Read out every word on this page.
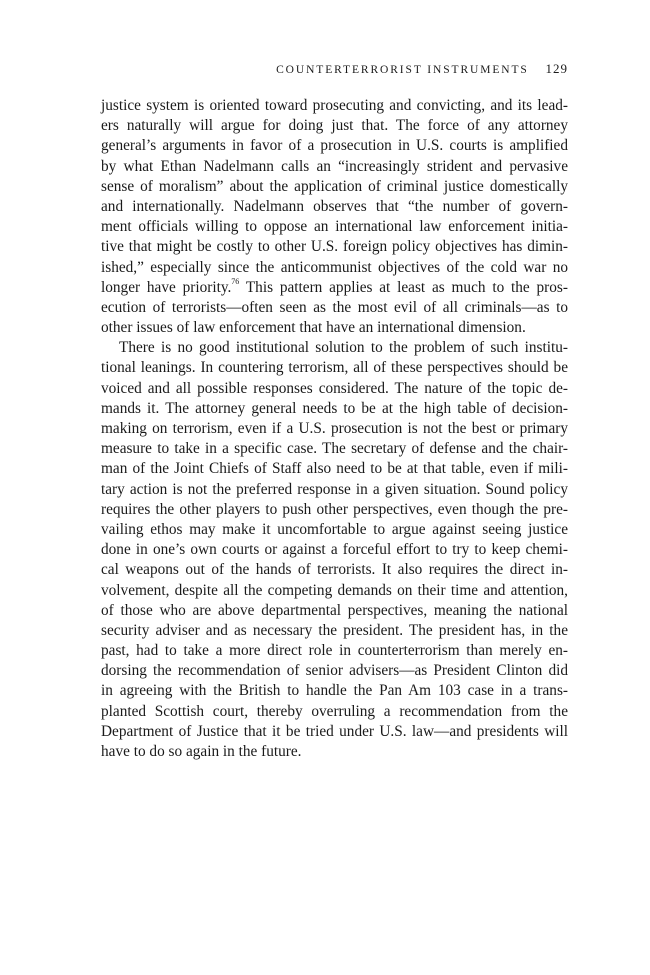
COUNTERTERRORIST INSTRUMENTS 129
justice system is oriented toward prosecuting and convicting, and its lead-
ers naturally will argue for doing just that. The force of any attorney
general’s arguments in favor of a prosecution in U.S. courts is amplified
by what Ethan Nadelmann calls an “increasingly strident and pervasive
sense of moralism” about the application of criminal justice domestically
and internationally. Nadelmann observes that “the number of govern-
ment officials willing to oppose an international law enforcement initia-
tive that might be costly to other U.S. foreign policy objectives has dimin-
ished,” especially since the anticommunist objectives of the cold war no
longer have priority.$^{76}$ This pattern applies at least as much to the pros-
ecution of terrorists—often seen as the most evil of all criminals—as to
other issues of law enforcement that have an international dimension.
There is no good institutional solution to the problem of such institu-
tional leanings. In countering terrorism, all of these perspectives should be
voiced and all possible responses considered. The nature of the topic de-
mands it. The attorney general needs to be at the high table of decision-
making on terrorism, even if a U.S. prosecution is not the best or primary
measure to take in a specific case. The secretary of defense and the chair-
man of the Joint Chiefs of Staff also need to be at that table, even if mili-
tary action is not the preferred response in a given situation. Sound policy
requires the other players to push other perspectives, even though the pre-
vailing ethos may make it uncomfortable to argue against seeing justice
done in one’s own courts or against a forceful effort to try to keep chemi-
cal weapons out of the hands of terrorists. It also requires the direct in-
volvement, despite all the competing demands on their time and attention,
of those who are above departmental perspectives, meaning the national
security adviser and as necessary the president. The president has, in the
past, had to take a more direct role in counterterrorism than merely en-
dorsing the recommendation of senior advisers—as President Clinton did
in agreeing with the British to handle the Pan Am 103 case in a trans-
planted Scottish court, thereby overruling a recommendation from the
Department of Justice that it be tried under U.S. law—and presidents will
have to do so again in the future.
